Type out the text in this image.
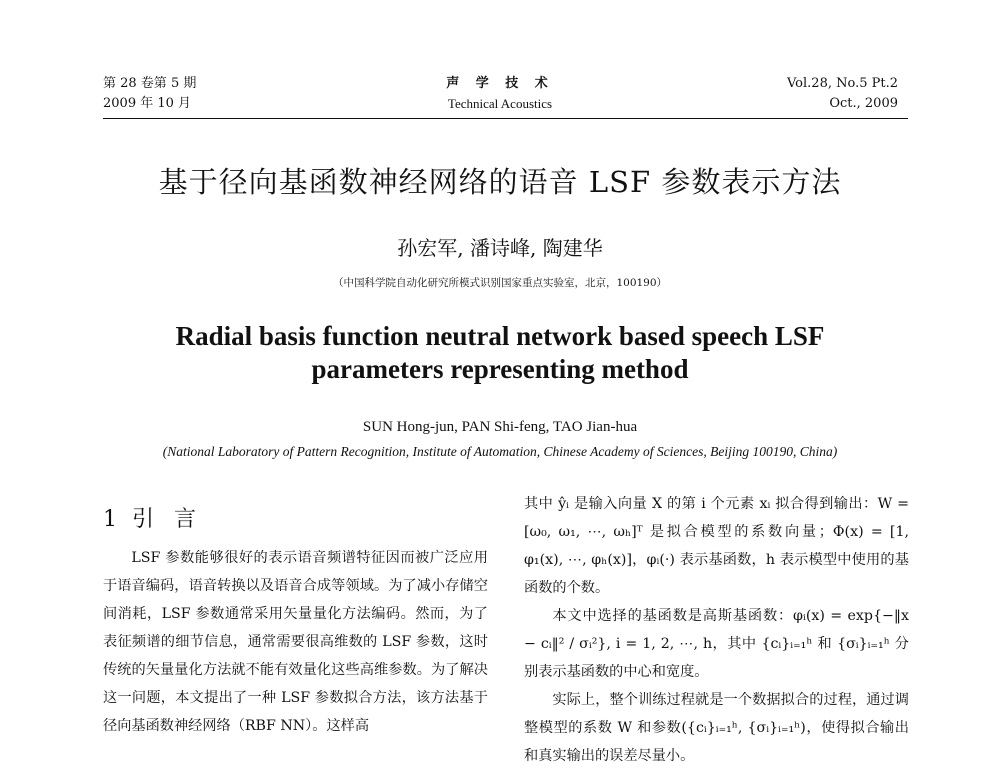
第 28 卷第 5 期
2009 年 10 月
声 学 技 术
Technical Acoustics
Vol.28, No.5 Pt.2
Oct., 2009
基于径向基函数神经网络的语音 LSF 参数表示方法
孙宏军, 潘诗峰, 陶建华
（中国科学院自动化研究所模式识别国家重点实验室，北京，100190）
Radial basis function neutral network based speech LSF
parameters representing method
SUN Hong-jun, PAN Shi-feng, TAO Jian-hua
(National Laboratory of Pattern Recognition, Institute of Automation, Chinese Academy of Sciences, Beijing 100190, China)
1 引言

LSF 参数能够很好的表示语音频谱特征因而被广泛应用于语音编码，语音转换以及语音合成等领域。为了减小存储空间消耗，LSF 参数通常采用矢量量化方法编码。然而，为了表征频谱的细节信息，通常需要很高维数的 LSF 参数，这时传统的矢量量化方法就不能有效量化这些高维参数。为了解决这一问题，本文提出了一种 LSF 参数拟合方法，该方法基于径向基函数神经网络（RBF NN）。这样高

其中 ŷᵢ 是输入向量 X 的第 i 个元素 xᵢ 拟合得到输出：W = [ω₀, ω₁, ⋯, ωₕ]ᵀ 是拟合模型的系数向量；Φ(x) = [1, φ₁(x), ⋯, φₕ(x)]，φᵢ(·) 表示基函数，h 表示模型中使用的基函数的个数。

本文中选择的基函数是高斯基函数：φᵢ(x) = exp{−‖x − cᵢ‖² / σᵢ²}, i = 1, 2, ⋯, h，其中 {cᵢ}ᵢ₌₁ʰ 和 {σᵢ}ᵢ₌₁ʰ 分别表示基函数的中心和宽度。

实际上，整个训练过程就是一个数据拟合的过程，通过调整模型的系数 W 和参数({cᵢ}ᵢ₌₁ʰ, {σᵢ}ᵢ₌₁ʰ)，使得拟合输出和真实输出的误差尽量小。
